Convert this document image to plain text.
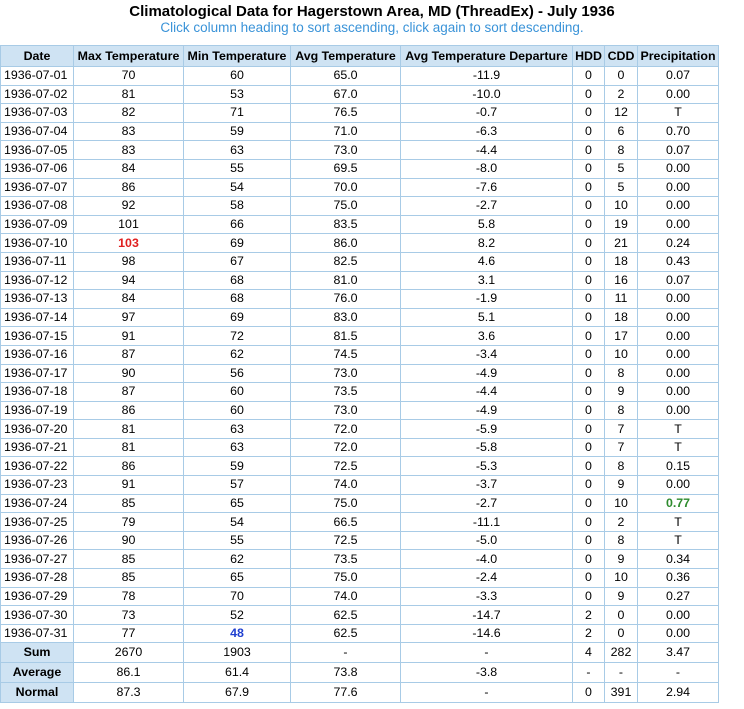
Climatological Data for Hagerstown Area, MD (ThreadEx) - July 1936
Click column heading to sort ascending, click again to sort descending.
Date	Max Temperature	Min Temperature	Avg Temperature	Avg Temperature Departure	HDD	CDD	Precipitation
1936-07-01	70	60	65.0	-11.9	0	0	0.07
1936-07-02	81	53	67.0	-10.0	0	2	0.00
1936-07-03	82	71	76.5	-0.7	0	12	T
1936-07-04	83	59	71.0	-6.3	0	6	0.70
1936-07-05	83	63	73.0	-4.4	0	8	0.07
1936-07-06	84	55	69.5	-8.0	0	5	0.00
1936-07-07	86	54	70.0	-7.6	0	5	0.00
1936-07-08	92	58	75.0	-2.7	0	10	0.00
1936-07-09	101	66	83.5	5.8	0	19	0.00
1936-07-10	103	69	86.0	8.2	0	21	0.24
1936-07-11	98	67	82.5	4.6	0	18	0.43
1936-07-12	94	68	81.0	3.1	0	16	0.07
1936-07-13	84	68	76.0	-1.9	0	11	0.00
1936-07-14	97	69	83.0	5.1	0	18	0.00
1936-07-15	91	72	81.5	3.6	0	17	0.00
1936-07-16	87	62	74.5	-3.4	0	10	0.00
1936-07-17	90	56	73.0	-4.9	0	8	0.00
1936-07-18	87	60	73.5	-4.4	0	9	0.00
1936-07-19	86	60	73.0	-4.9	0	8	0.00
1936-07-20	81	63	72.0	-5.9	0	7	T
1936-07-21	81	63	72.0	-5.8	0	7	T
1936-07-22	86	59	72.5	-5.3	0	8	0.15
1936-07-23	91	57	74.0	-3.7	0	9	0.00
1936-07-24	85	65	75.0	-2.7	0	10	0.77
1936-07-25	79	54	66.5	-11.1	0	2	T
1936-07-26	90	55	72.5	-5.0	0	8	T
1936-07-27	85	62	73.5	-4.0	0	9	0.34
1936-07-28	85	65	75.0	-2.4	0	10	0.36
1936-07-29	78	70	74.0	-3.3	0	9	0.27
1936-07-30	73	52	62.5	-14.7	2	0	0.00
1936-07-31	77	48	62.5	-14.6	2	0	0.00
Sum	2670	1903	-	-	4	282	3.47
Average	86.1	61.4	73.8	-3.8	-	-	-
Normal	87.3	67.9	77.6	-	0	391	2.94
